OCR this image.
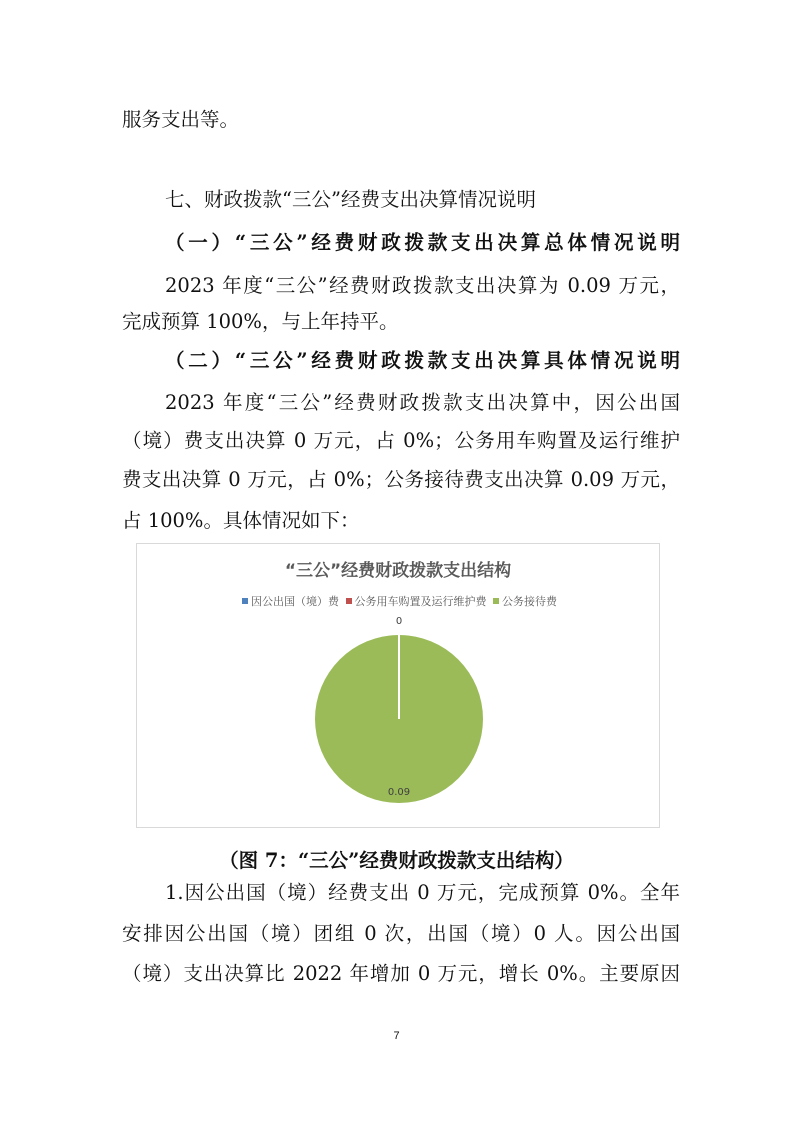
服务支出等。
七、财政拨款“三公”经费支出决算情况说明
（一）“三公”经费财政拨款支出决算总体情况说明
2023 年度“三公”经费财政拨款支出决算为 0.09 万元，
完成预算 100%，与上年持平。
（二）“三公”经费财政拨款支出决算具体情况说明
2023 年度“三公”经费财政拨款支出决算中，因公出国
（境）费支出决算 0 万元，占 0%；公务用车购置及运行维护
费支出决算 0 万元，占 0%；公务接待费支出决算 0.09 万元，
占 100%。具体情况如下：
“三公”经费财政拨款支出结构
因公出国（境）费 公务用车购置及运行维护费 公务接待费
0
0.09
（图 7：“三公”经费财政拨款支出结构）
1.因公出国（境）经费支出 0 万元，完成预算 0%。全年
安排因公出国（境）团组 0 次，出国（境）0 人。因公出国
（境）支出决算比 2022 年增加 0 万元，增长 0%。主要原因
7
